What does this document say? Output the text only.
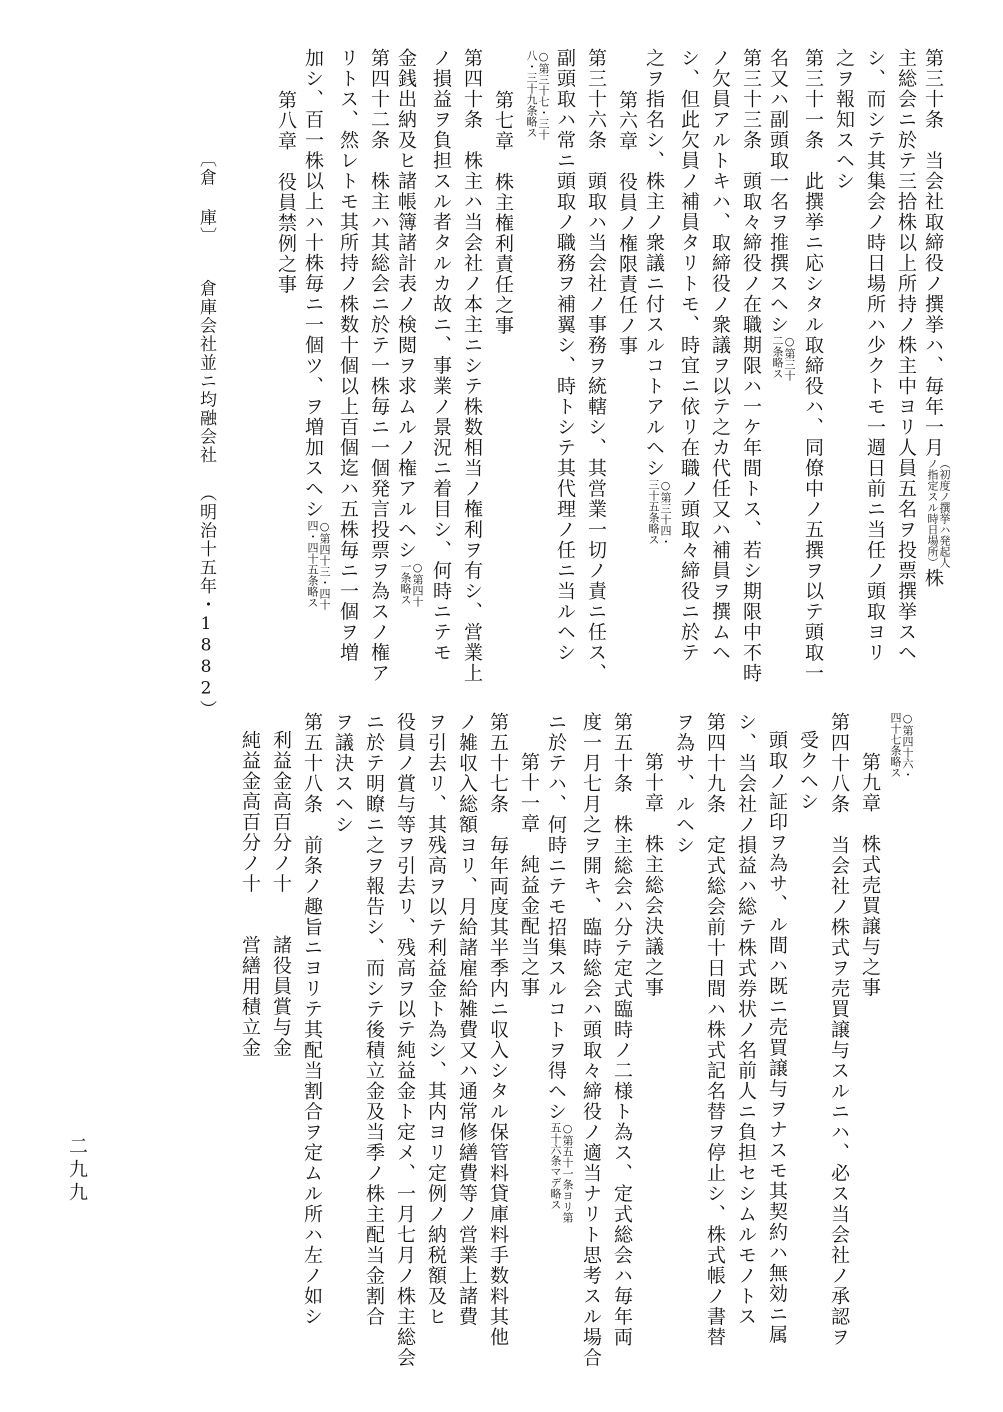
第三十条　当会社取締役ノ撰挙ハ、毎年一月（初度ノ撰挙ハ発起人
ノ指定スル時日場所）株
主総会ニ於テ三拾株以上所持ノ株主中ヨリ人員五名ヲ投票撰挙スヘ
シ、而シテ其集会ノ時日場所ハ少クトモ一週日前ニ当任ノ頭取ヨリ
之ヲ報知スヘシ
第三十一条　此撰挙ニ応シタル取締役ハ、同僚中ノ五撰ヲ以テ頭取一
名又ハ副頭取一名ヲ推撰スヘシ○第三十
二条略ス
第三十三条　頭取々締役ノ在職期限ハ一ケ年間トス、若シ期限中不時
ノ欠員アルトキハ、取締役ノ衆議ヲ以テ之カ代任又ハ補員ヲ撰ムヘ
シ、但此欠員ノ補員タリトモ、時宜ニ依リ在職ノ頭取々締役ニ於テ
之ヲ指名シ、株主ノ衆議ニ付スルコトアルヘシ○第三十四・
三十五条略ス
第六章　役員ノ権限責任ノ事
第三十六条　頭取ハ当会社ノ事務ヲ統轄シ、其営業一切ノ責ニ任ス、
副頭取ハ常ニ頭取ノ職務ヲ補翼シ、時トシテ其代理ノ任ニ当ルヘシ
○第三十七・三十
八・三十九条略ス
第七章　株主権利責任之事
第四十条　株主ハ当会社ノ本主ニシテ株数相当ノ権利ヲ有シ、営業上
ノ損益ヲ負担スル者タルカ故ニ、事業ノ景況ニ着目シ、何時ニテモ
金銭出納及ヒ諸帳簿諸計表ノ検閲ヲ求ムルノ権アルヘシ○第四十
一条略ス
第四十二条　株主ハ其総会ニ於テ一株毎ニ一個発言投票ヲ為スノ権ア
リトス、然レトモ其所持ノ株数十個以上百個迄ハ五株毎ニ一個ヲ増
加シ、百一株以上ハ十株毎ニ一個ツ、ヲ増加スヘシ○第四十三・四十
四・四十五条略ス
第八章　役員禁例之事
〔倉 庫〕倉庫会社並ニ均融会社（明治十五年・1882）
○第四十六・
四十七条略ス
第九章　株式売買譲与之事
第四十八条　当会社ノ株式ヲ売買譲与スルニハ、必ス当会社ノ承認ヲ
受クヘシ
頭取ノ証印ヲ為サ、ル間ハ既ニ売買譲与ヲナスモ其契約ハ無効ニ属
シ、当会社ノ損益ハ総テ株式券状ノ名前人ニ負担セシムルモノトス
第四十九条　定式総会前十日間ハ株式記名替ヲ停止シ、株式帳ノ書替
ヲ為サ、ルヘシ
第十章　株主総会決議之事
第五十条　株主総会ハ分テ定式臨時ノ二様ト為ス、定式総会ハ毎年両
度一月七月之ヲ開キ、臨時総会ハ頭取々締役ノ適当ナリト思考スル場合
ニ於テハ、何時ニテモ招集スルコトヲ得ヘシ○第五十一条ヨリ第
五十六条マデ略ス
第十一章　純益金配当之事
第五十七条　毎年両度其半季内ニ収入シタル保管料貸庫料手数料其他
ノ雑収入総額ヨリ、月給諸雇給雑費又ハ通常修繕費等ノ営業上諸費
ヲ引去リ、其残高ヲ以テ利益金ト為シ、其内ヨリ定例ノ納税額及ヒ
役員ノ賞与等ヲ引去リ、残高ヲ以テ純益金ト定メ、一月七月ノ株主総会
ニ於テ明瞭ニ之ヲ報告シ、而シテ後積立金及当季ノ株主配当金割合
ヲ議決スヘシ
第五十八条　前条ノ趣旨ニヨリテ其配当割合ヲ定ムル所ハ左ノ如シ
利益金高百分ノ十　　諸役員賞与金
純益金高百分ノ十　　営繕用積立金
二九九
